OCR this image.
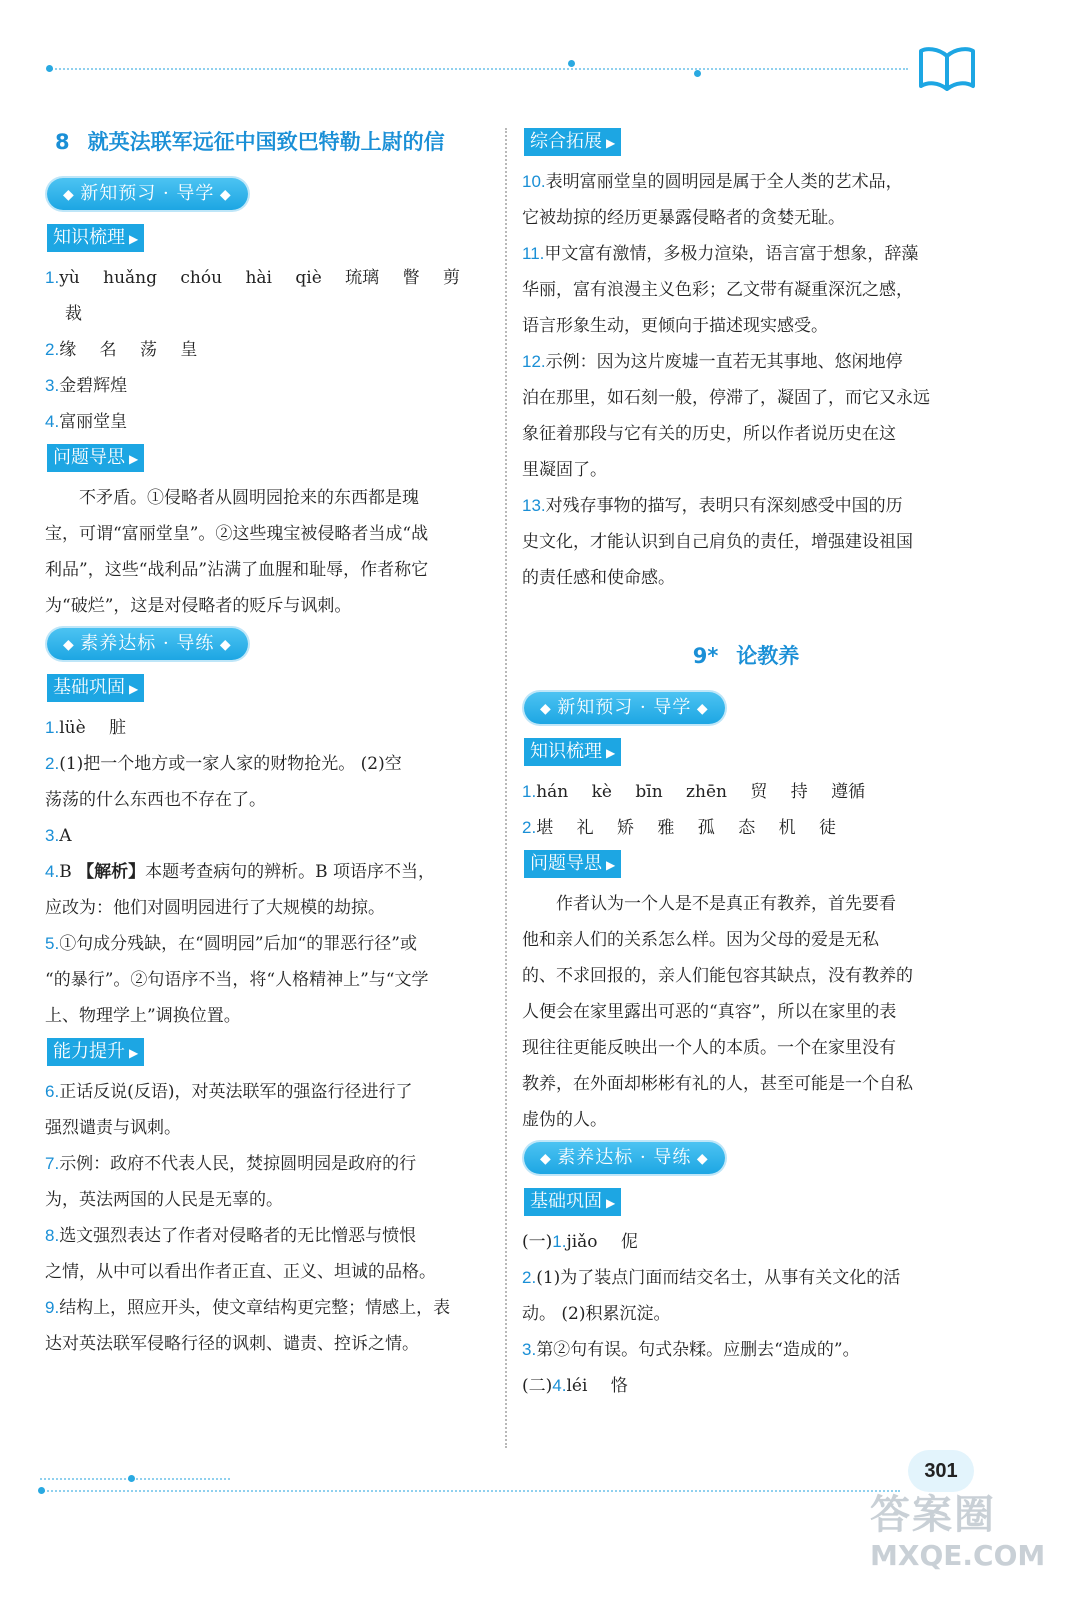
8 就英法联军远征中国致巴特勒上尉的信
◆ 新知预习 · 导学 ◆
知识梳理 ▶
1.yù huǎng chóu hài qiè 琉璃 瞥 剪
裁
2.缘 名 荡 皇
3.金碧辉煌
4.富丽堂皇
问题导思 ▶
不矛盾。①侵略者从圆明园抢来的东西都是瑰
宝，可谓“富丽堂皇”。②这些瑰宝被侵略者当成“战
利品”，这些“战利品”沾满了血腥和耻辱，作者称它
为“破烂”，这是对侵略者的贬斥与讽刺。
◆ 素养达标 · 导练 ◆
基础巩固 ▶
1.lüè 脏
2.(1)把一个地方或一家人家的财物抢光。 (2)空
荡荡的什么东西也不存在了。
3.A
4.B 【解析】本题考查病句的辨析。B 项语序不当，
应改为：他们对圆明园进行了大规模的劫掠。
5.①句成分残缺，在“圆明园”后加“的罪恶行径”或
“的暴行”。②句语序不当，将“人格精神上”与“文学
上、物理学上”调换位置。
能力提升 ▶
6.正话反说(反语)，对英法联军的强盗行径进行了
强烈谴责与讽刺。
7.示例：政府不代表人民，焚掠圆明园是政府的行
为，英法两国的人民是无辜的。
8.选文强烈表达了作者对侵略者的无比憎恶与愤恨
之情，从中可以看出作者正直、正义、坦诚的品格。
9.结构上，照应开头，使文章结构更完整；情感上，表
达对英法联军侵略行径的讽刺、谴责、控诉之情。
综合拓展 ▶
10.表明富丽堂皇的圆明园是属于全人类的艺术品，
它被劫掠的经历更暴露侵略者的贪婪无耻。
11.甲文富有激情，多极力渲染，语言富于想象，辞藻
华丽，富有浪漫主义色彩；乙文带有凝重深沉之感，
语言形象生动，更倾向于描述现实感受。
12.示例：因为这片废墟一直若无其事地、悠闲地停
泊在那里，如石刻一般，停滞了，凝固了，而它又永远
象征着那段与它有关的历史，所以作者说历史在这
里凝固了。
13.对残存事物的描写，表明只有深刻感受中国的历
史文化，才能认识到自己肩负的责任，增强建设祖国
的责任感和使命感。
9* 论教养
◆ 新知预习 · 导学 ◆
知识梳理 ▶
1.hán kè bīn zhēn 贸 持 遵循
2.堪 礼 矫 雅 孤 态 机 徒
问题导思 ▶
作者认为一个人是不是真正有教养，首先要看
他和亲人们的关系怎么样。因为父母的爱是无私
的、不求回报的，亲人们能包容其缺点，没有教养的
人便会在家里露出可恶的“真容”，所以在家里的表
现往往更能反映出一个人的本质。一个在家里没有
教养，在外面却彬彬有礼的人，甚至可能是一个自私
虚伪的人。
◆ 素养达标 · 导练 ◆
基础巩固 ▶
(一)1.jiǎo 伲
2.(1)为了装点门面而结交名士，从事有关文化的活
动。 (2)积累沉淀。
3.第②句有误。句式杂糅。应删去“造成的”。
(二)4.léi 恪
301
答案圈
MXQE.COM
